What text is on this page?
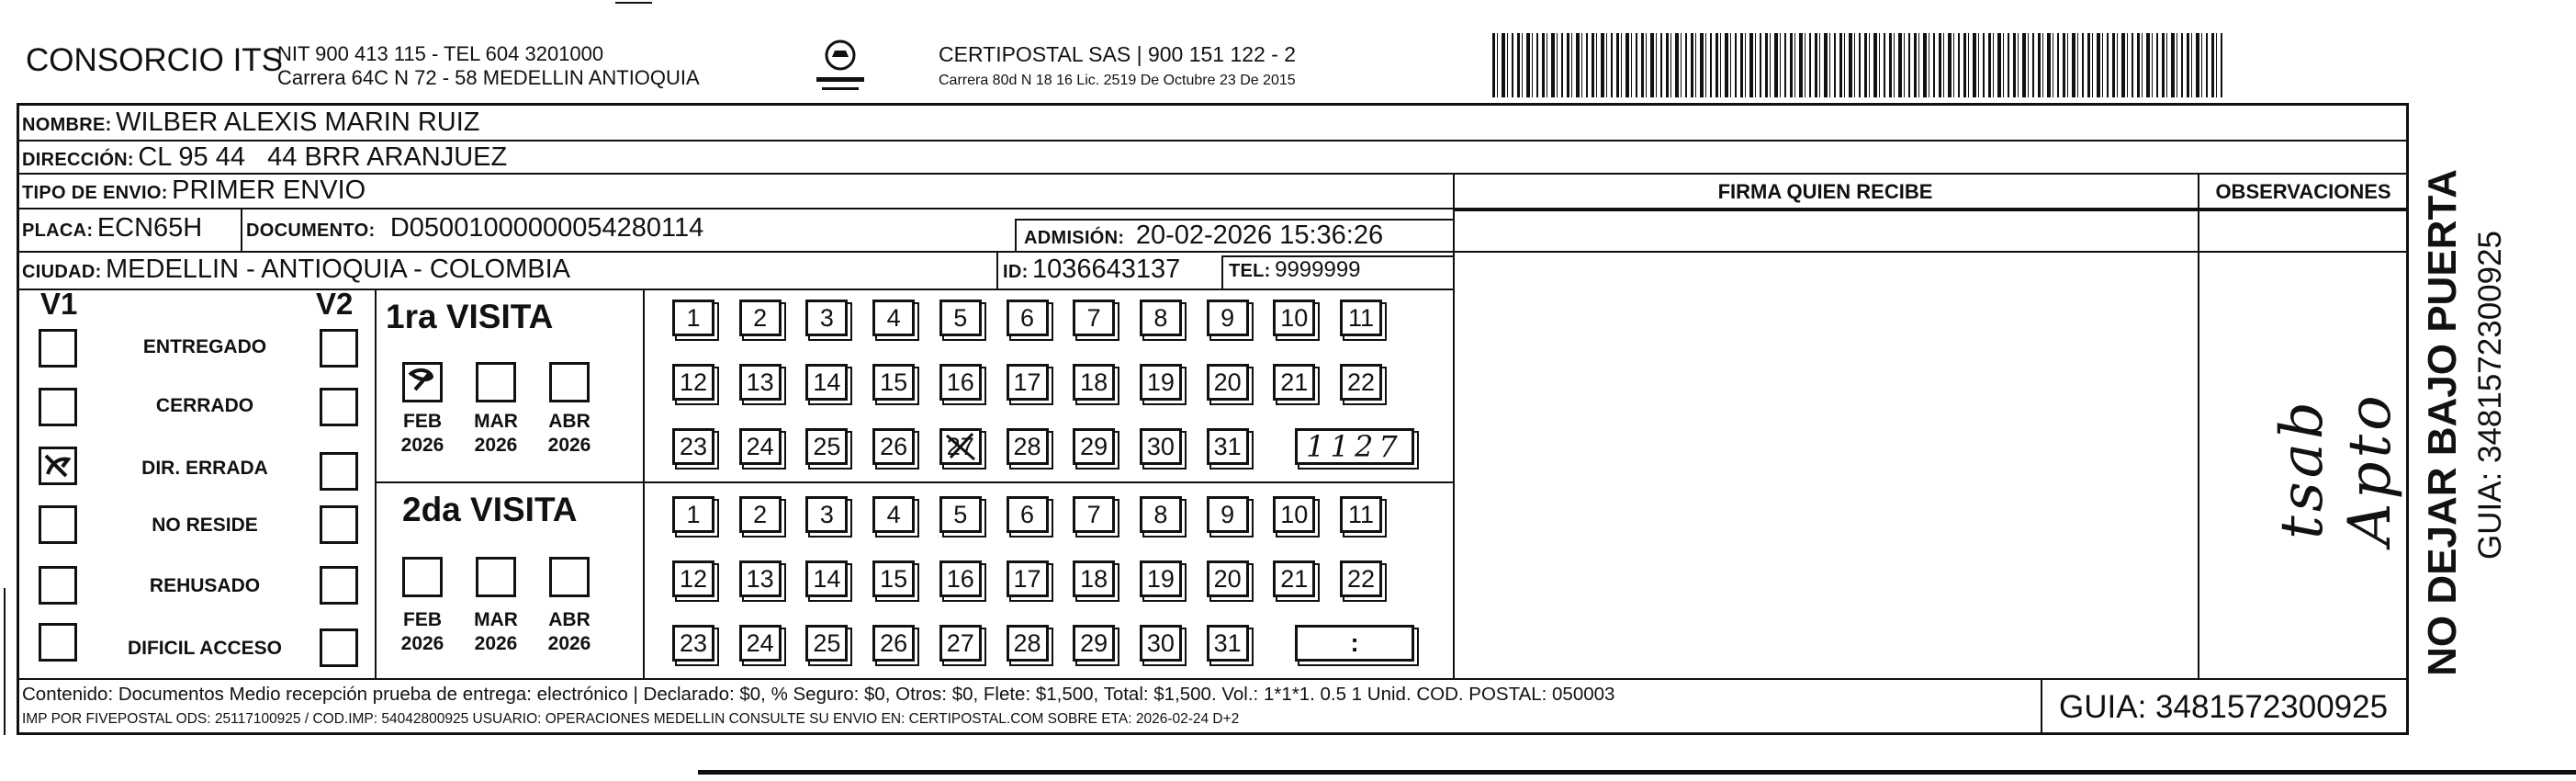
CONSORCIO ITS
NIT 900 413 115 - TEL 604 3201000
Carrera 64C N 72 - 58 MEDELLIN ANTIOQUIA
CERTIPOSTAL SAS | 900 151 122 - 2
Carrera 80d N 18 16 Lic. 2519 De Octubre 23 De 2015
FIRMA QUIEN RECIBE	OBSERVACIONES
NOMBRE: WILBER ALEXIS MARIN RUIZ
DIRECCIÓN: CL 95 44   44 BRR ARANJUEZ
TIPO DE ENVIO: PRIMER ENVIO
PLACA: ECN65H DOCUMENTO: D05001000000054280114	ADMISIÓN: 20-02-2026 15:36:26
CIUDAD: MEDELLIN - ANTIOQUIA - COLOMBIA	ID: 1036643137	TEL: 9999999
V1	V2
ENTREGADO
CERRADO
DIR. ERRADA
NO RESIDE
REHUSADO
DIFICIL ACCESO
1ra VISITA
FEB
2026
MAR
2026
ABR
2026
1	2	3	4	5	6	7	8	9	10	11
12 13 14 15 16 17 18 19 20 21 22
23 24 25 26 27 28 29 30 31 1127
2da VISITA
FEB
2026
MAR
2026
ABR
2026
1	2	3	4	5	6	7	8	9	10	11
12 13 14 15 16 17 18 19 20 21 22
23 24 25 26 27 28 29 30 31	:
tsab Apto
Contenido: Documentos Medio recepción prueba de entrega: electrónico | Declarado: $0, % Seguro: $0, Otros: $0, Flete: $1,500, Total: $1,500. Vol.: 1*1*1. 0.5 1 Unid. COD. POSTAL: 050003
IMP POR FIVEPOSTAL ODS: 25117100925 / COD.IMP: 54042800925 USUARIO: OPERACIONES MEDELLIN CONSULTE SU ENVIO EN: CERTIPOSTAL.COM SOBRE ETA: 2026-02-24 D+2	GUIA: 3481572300925
NO DEJAR BAJO PUERTA GUIA: 3481572300925
